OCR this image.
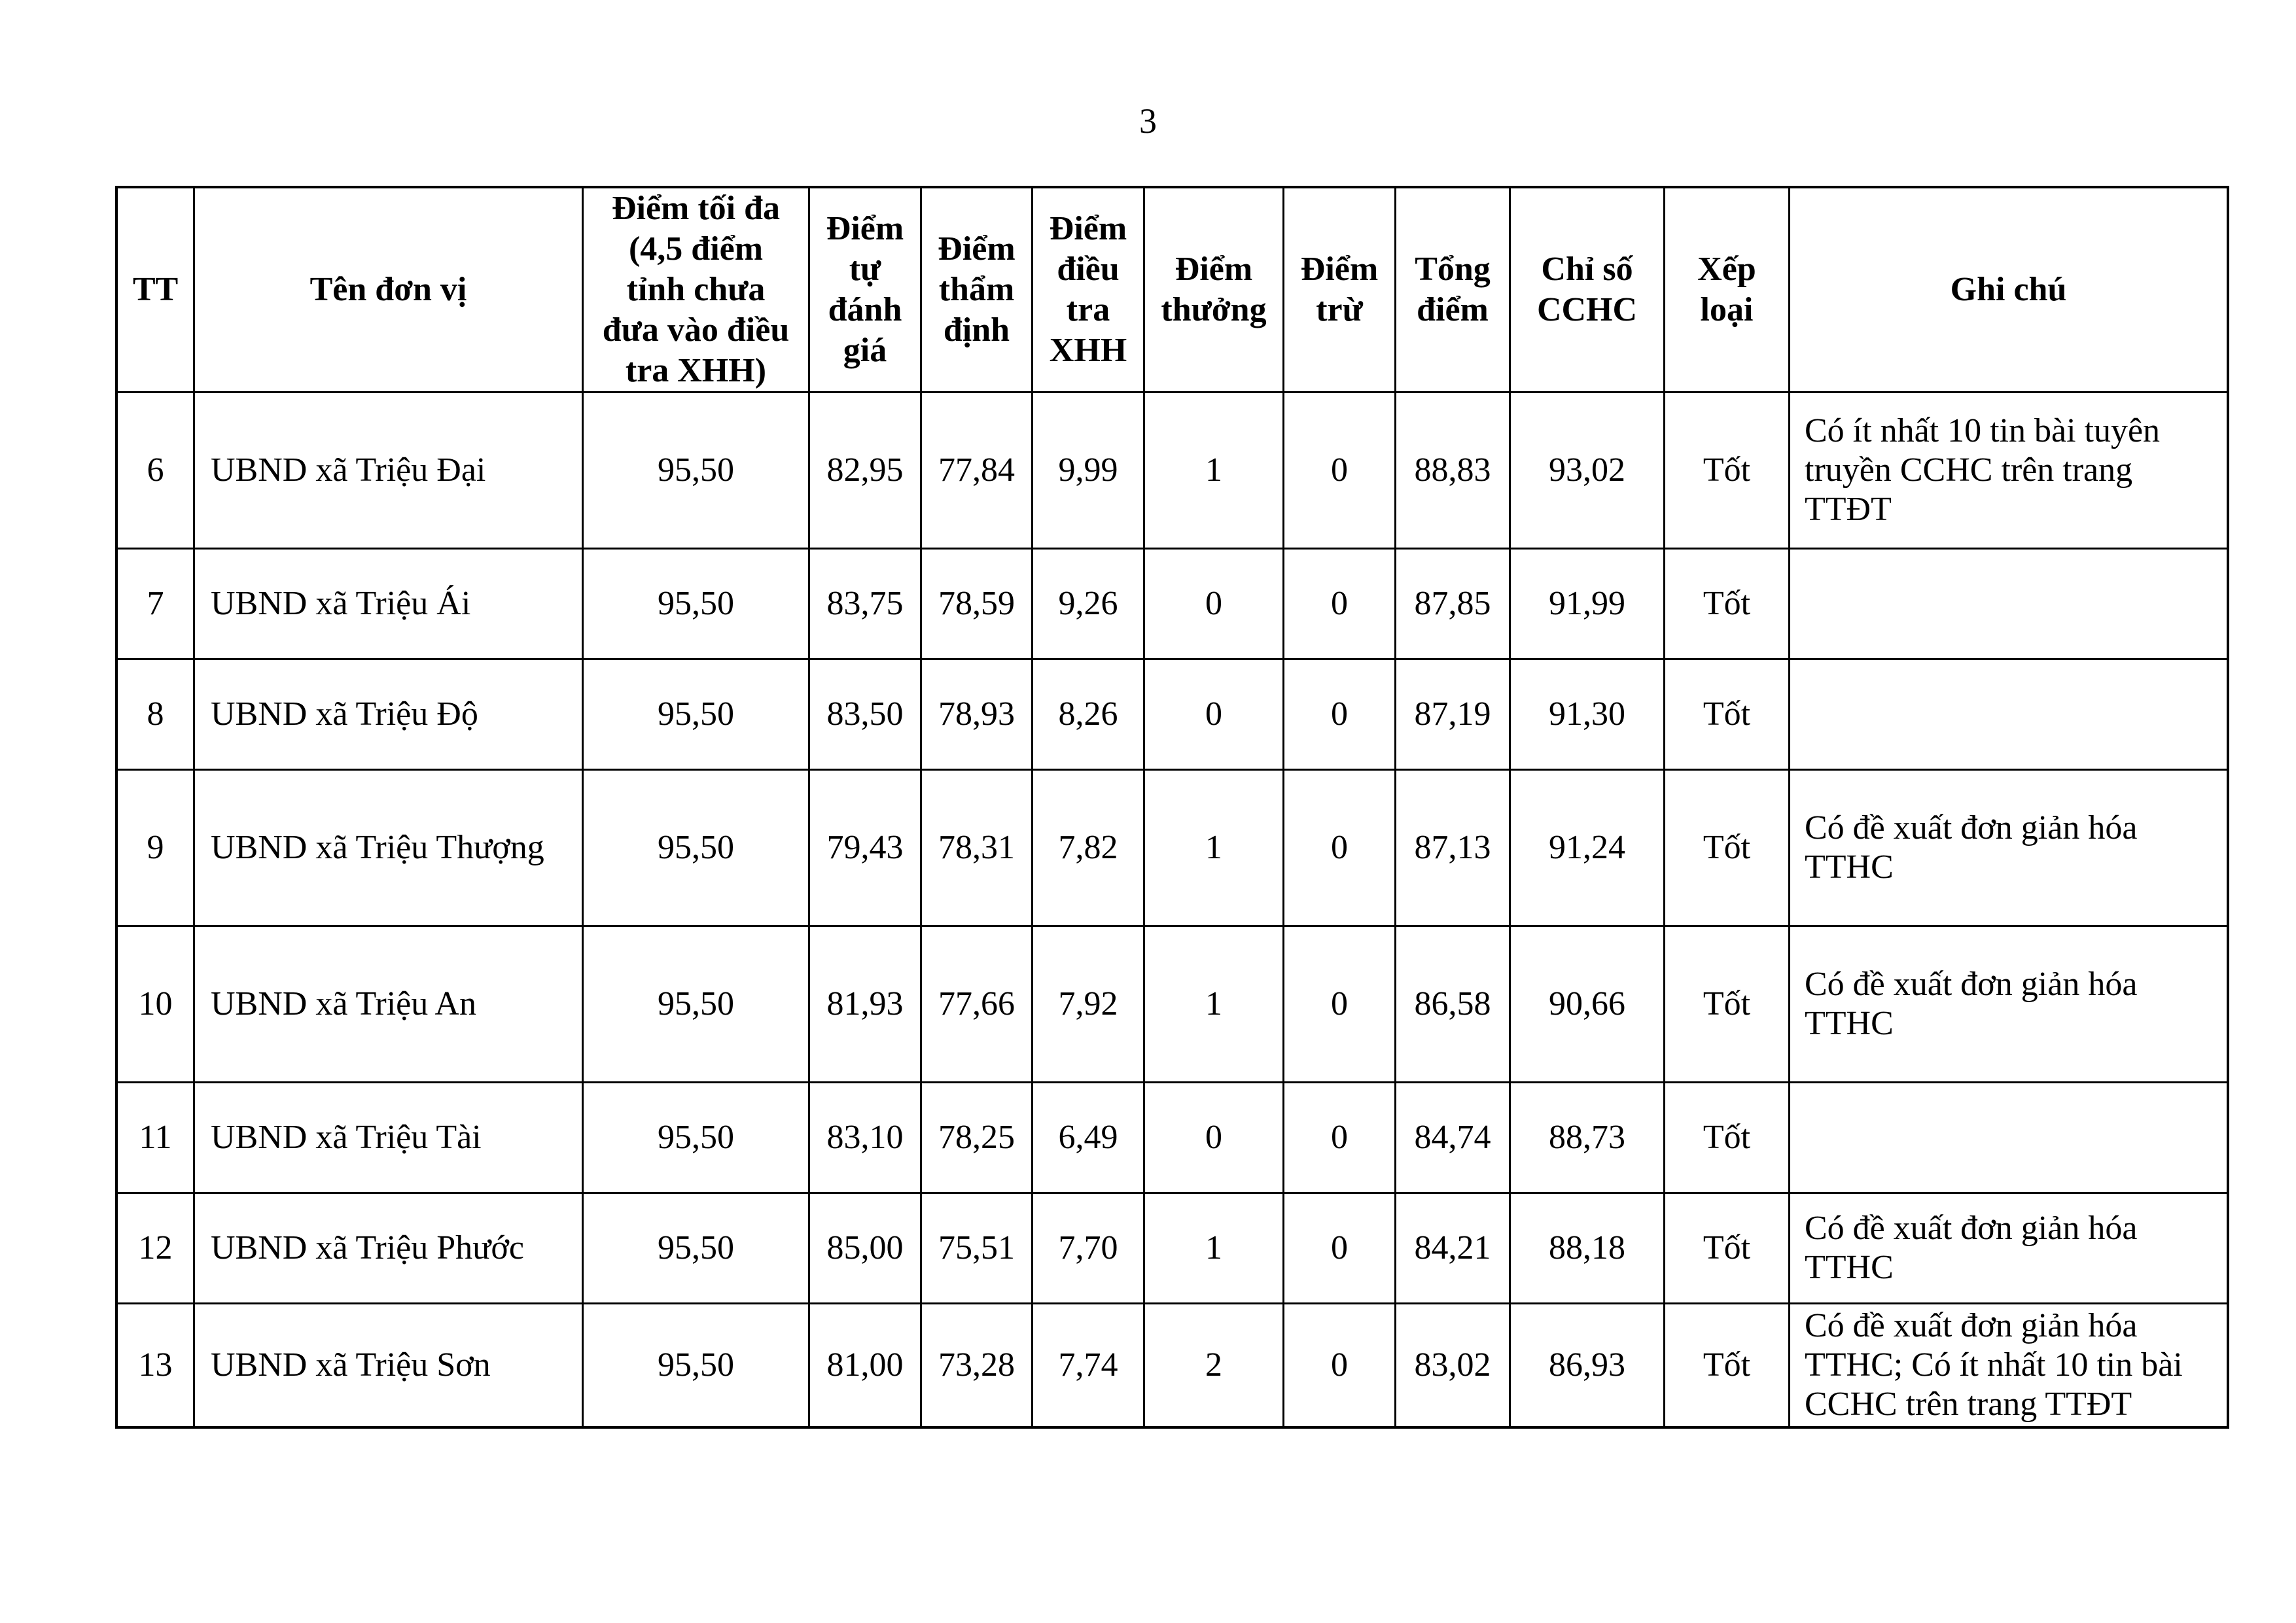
3
TT	Tên đơn vị	Điểm tối đa
(4,5 điểm
tỉnh chưa
đưa vào điều
tra XHH)	Điểm
tự
đánh
giá	Điểm
thẩm
định	Điểm
điều
tra
XHH	Điểm
thưởng	Điểm
trừ	Tổng
điểm	Chỉ số
CCHC	Xếp
loại	Ghi chú
6	UBND xã Triệu Đại	95,50	82,95	77,84	9,99	1	0	88,83	93,02	Tốt	Có ít nhất 10 tin bài tuyên
truyền CCHC trên trang
TTĐT
7	UBND xã Triệu Ái	95,50	83,75	78,59	9,26	0	0	87,85	91,99	Tốt	
8	UBND xã Triệu Độ	95,50	83,50	78,93	8,26	0	0	87,19	91,30	Tốt	
9	UBND xã Triệu Thượng	95,50	79,43	78,31	7,82	1	0	87,13	91,24	Tốt	Có đề xuất đơn giản hóa
TTHC
10	UBND xã Triệu An	95,50	81,93	77,66	7,92	1	0	86,58	90,66	Tốt	Có đề xuất đơn giản hóa
TTHC
11	UBND xã Triệu Tài	95,50	83,10	78,25	6,49	0	0	84,74	88,73	Tốt	
12	UBND xã Triệu Phước	95,50	85,00	75,51	7,70	1	0	84,21	88,18	Tốt	Có đề xuất đơn giản hóa
TTHC
13	UBND xã Triệu Sơn	95,50	81,00	73,28	7,74	2	0	83,02	86,93	Tốt	Có đề xuất đơn giản hóa
TTHC; Có ít nhất 10 tin bài
CCHC trên trang TTĐT
